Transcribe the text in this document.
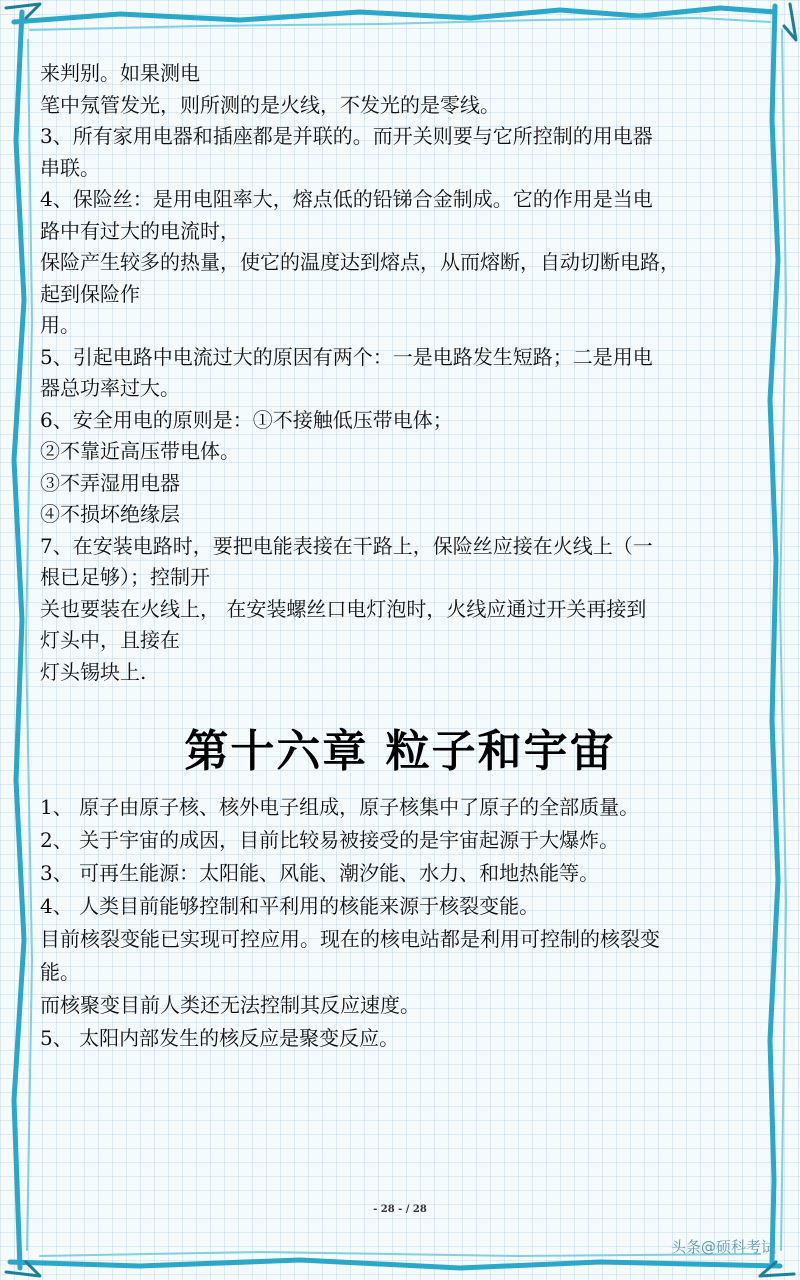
来判别。如果测电

笔中氖管发光，则所测的是火线，不发光的是零线。

3、所有家用电器和插座都是并联的。而开关则要与它所控制的用电器

串联。

4、保险丝：是用电阻率大，熔点低的铅锑合金制成。它的作用是当电

路中有过大的电流时，

保险产生较多的热量，使它的温度达到熔点，从而熔断，自动切断电路，

起到保险作

用。

5、引起电路中电流过大的原因有两个：一是电路发生短路；二是用电

器总功率过大。

6、安全用电的原则是：①不接触低压带电体；

②不靠近高压带电体。

③不弄湿用电器

④不损坏绝缘层

7、在安装电路时，要把电能表接在干路上，保险丝应接在火线上（一

根已足够）；控制开

关也要装在火线上， 在安装螺丝口电灯泡时，火线应通过开关再接到

灯头中，且接在

灯头锡块上.

第十六章 粒子和宇宙

1、 原子由原子核、核外电子组成，原子核集中了原子的全部质量。

2、 关于宇宙的成因，目前比较易被接受的是宇宙起源于大爆炸。

3、 可再生能源：太阳能、风能、潮汐能、水力、和地热能等。

4、 人类目前能够控制和平利用的核能来源于核裂变能。

目前核裂变能已实现可控应用。现在的核电站都是利用可控制的核裂变

能。

而核聚变目前人类还无法控制其反应速度。

5、 太阳内部发生的核反应是聚变反应。

- 28 - / 28
头条@硕科考试
